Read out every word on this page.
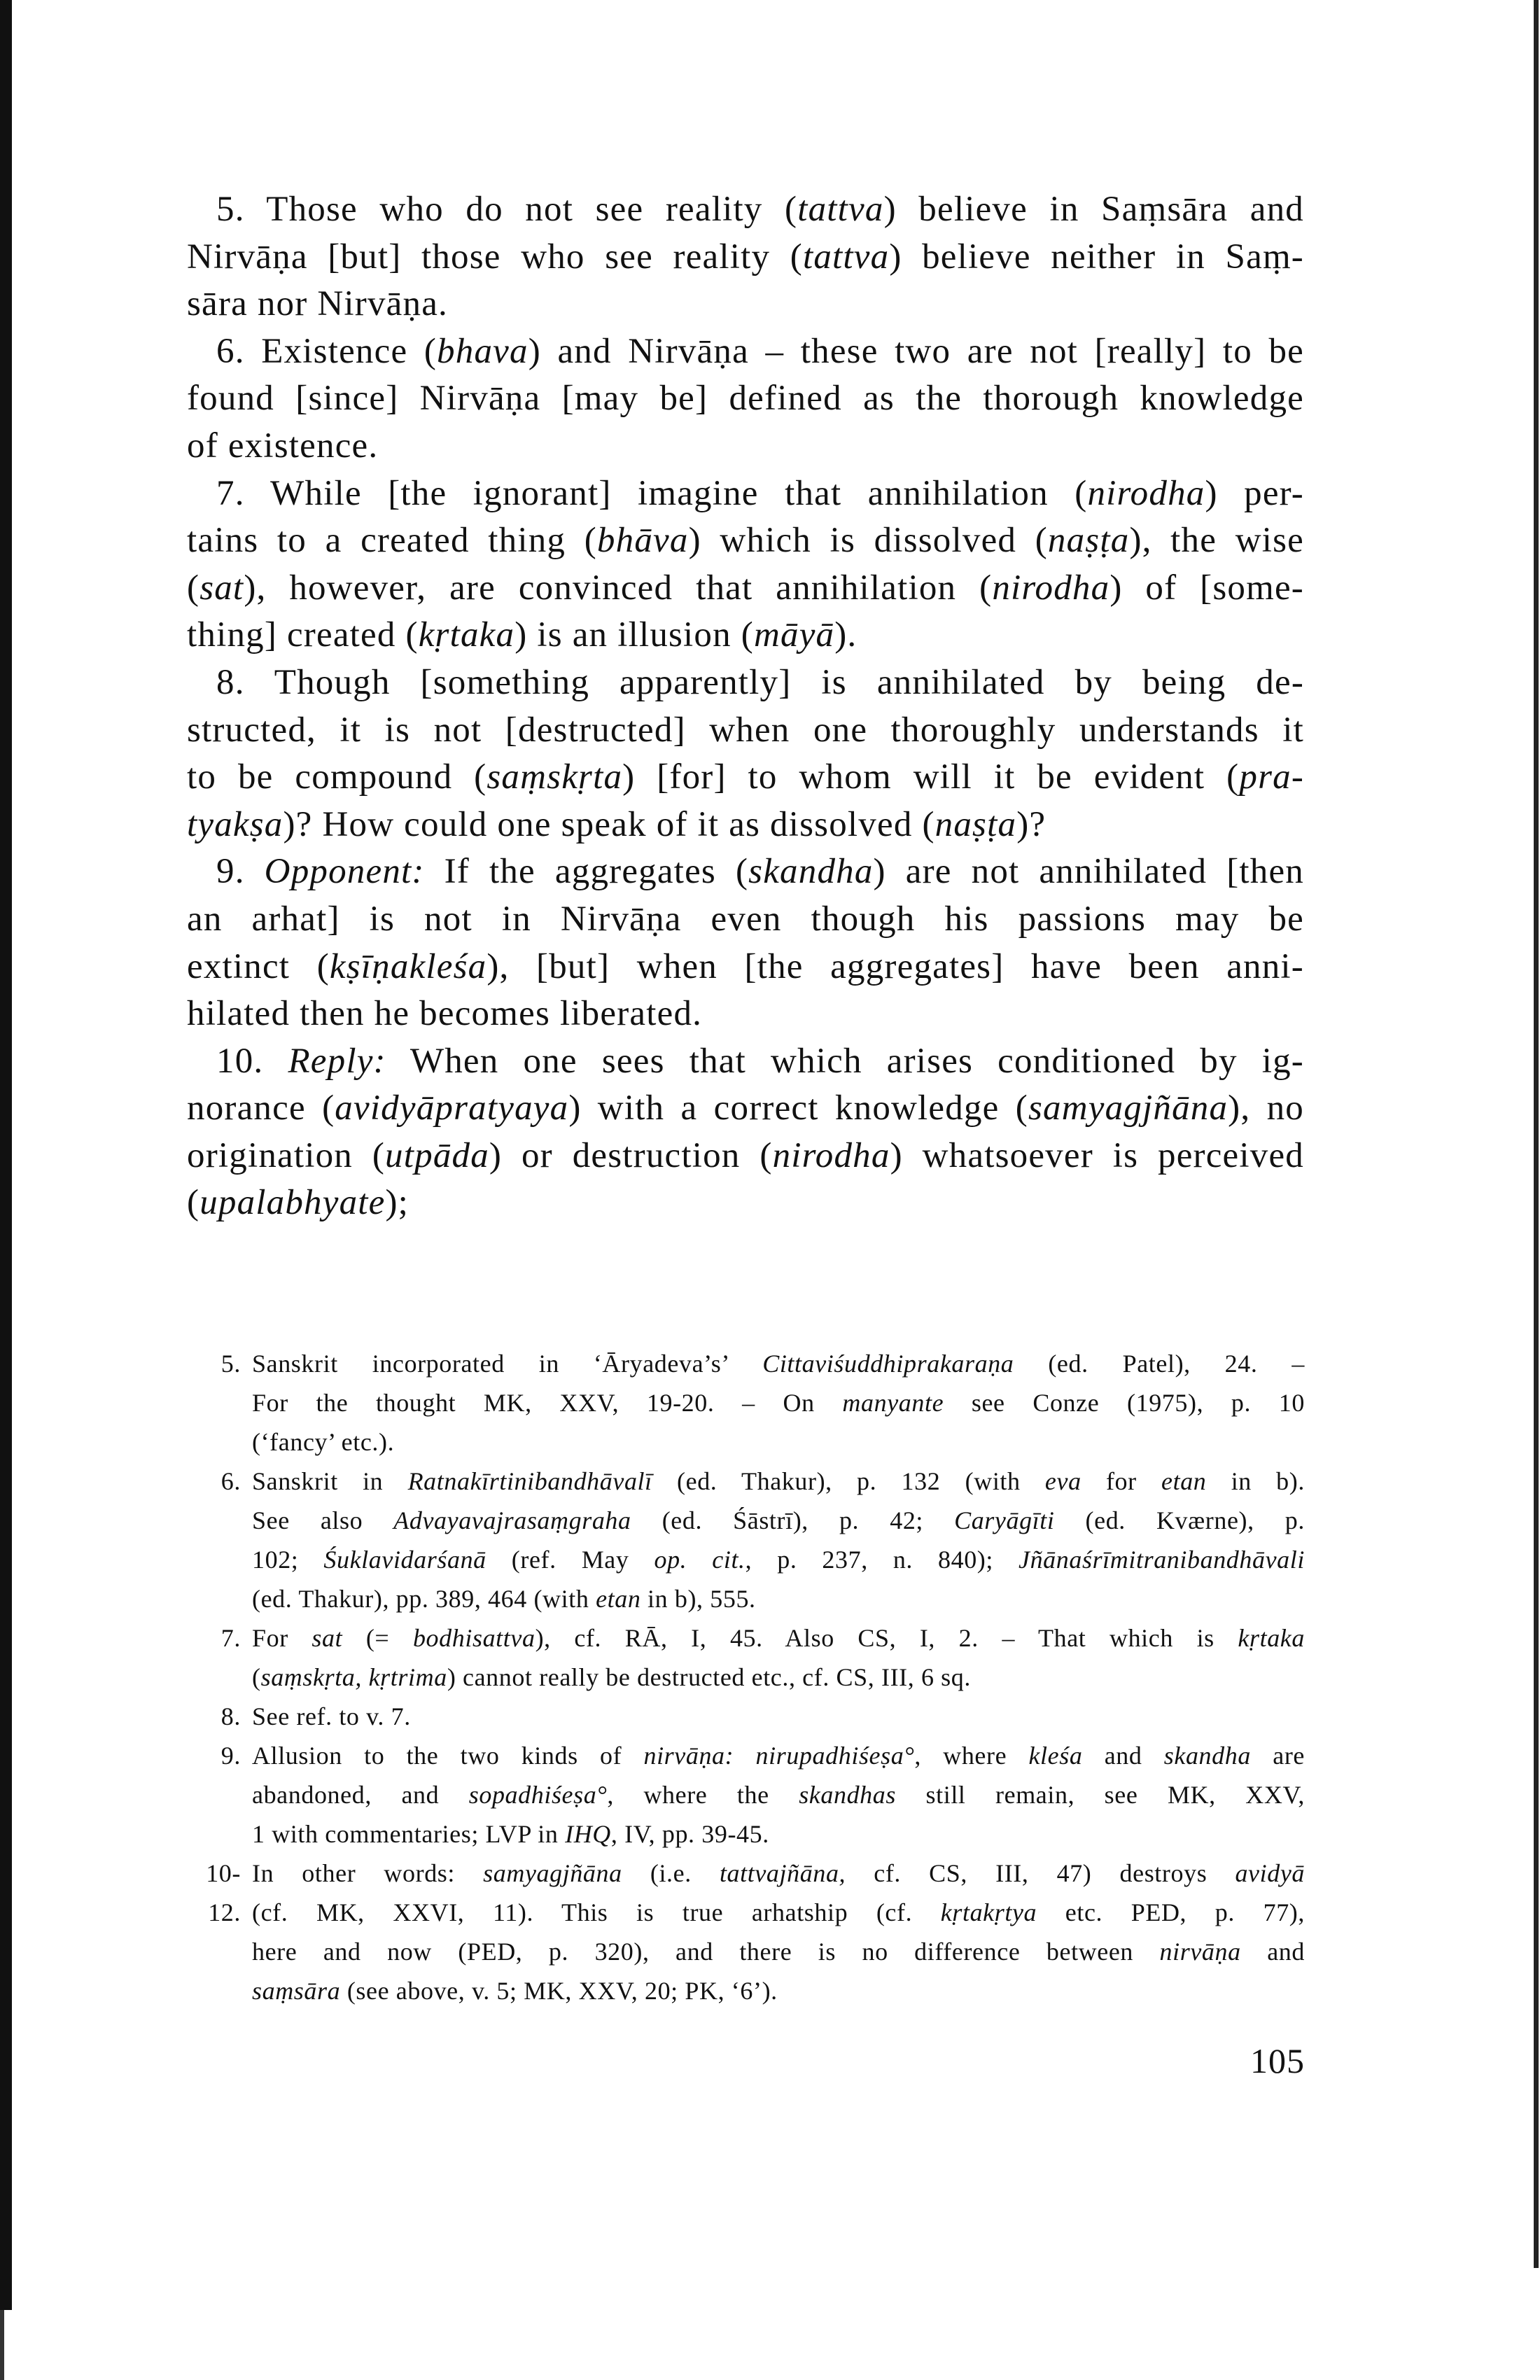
5. Those who do not see reality (tattva) believe in Saṃsāra and
Nirvāṇa [but] those who see reality (tattva) believe neither in Saṃ-
sāra nor Nirvāṇa.
6. Existence (bhava) and Nirvāṇa – these two are not [really] to be
found [since] Nirvāṇa [may be] defined as the thorough knowledge
of existence.
7. While [the ignorant] imagine that annihilation (nirodha) per-
tains to a created thing (bhāva) which is dissolved (naṣṭa), the wise
(sat), however, are convinced that annihilation (nirodha) of [some-
thing] created (kṛtaka) is an illusion (māyā).
8. Though [something apparently] is annihilated by being de-
structed, it is not [destructed] when one thoroughly understands it
to be compound (saṃskṛta) [for] to whom will it be evident (pra-
tyakṣa)? How could one speak of it as dissolved (naṣṭa)?
9. Opponent: If the aggregates (skandha) are not annihilated [then
an arhat] is not in Nirvāṇa even though his passions may be
extinct (kṣīṇakleśa), [but] when [the aggregates] have been anni-
hilated then he becomes liberated.
10. Reply: When one sees that which arises conditioned by ig-
norance (avidyāpratyaya) with a correct knowledge (samyagjñāna), no
origination (utpāda) or destruction (nirodha) whatsoever is perceived
(upalabhyate);
5. Sanskrit incorporated in ‘Āryadeva’s’ Cittaviśuddhiprakaraṇa (ed. Patel), 24. –
For the thought MK, XXV, 19-20. – On manyante see Conze (1975), p. 10
(‘fancy’ etc.).
6. Sanskrit in Ratnakīrtinibandhāvalī (ed. Thakur), p. 132 (with eva for etan in b).
See also Advayavajrasaṃgraha (ed. Śāstrī), p. 42; Caryāgīti (ed. Kværne), p.
102; Śuklavidarśanā (ref. May op. cit., p. 237, n. 840); Jñānaśrīmitranibandhāvali
(ed. Thakur), pp. 389, 464 (with etan in b), 555.
7. For sat (= bodhisattva), cf. RĀ, I, 45. Also CS, I, 2. – That which is kṛtaka
(saṃskṛta, kṛtrima) cannot really be destructed etc., cf. CS, III, 6 sq.
8. See ref. to v. 7.
9. Allusion to the two kinds of nirvāṇa: nirupadhiśeṣa°, where kleśa and skandha are
abandoned, and sopadhiśeṣa°, where the skandhas still remain, see MK, XXV,
1 with commentaries; LVP in IHQ, IV, pp. 39-45.
10-12.
In other words: samyagjñāna (i.e. tattvajñāna, cf. CS, III, 47) destroys avidyā
(cf. MK, XXVI, 11). This is true arhatship (cf. kṛtakṛtya etc. PED, p. 77),
here and now (PED, p. 320), and there is no difference between nirvāṇa and
saṃsāra (see above, v. 5; MK, XXV, 20; PK, ‘6’).
105
